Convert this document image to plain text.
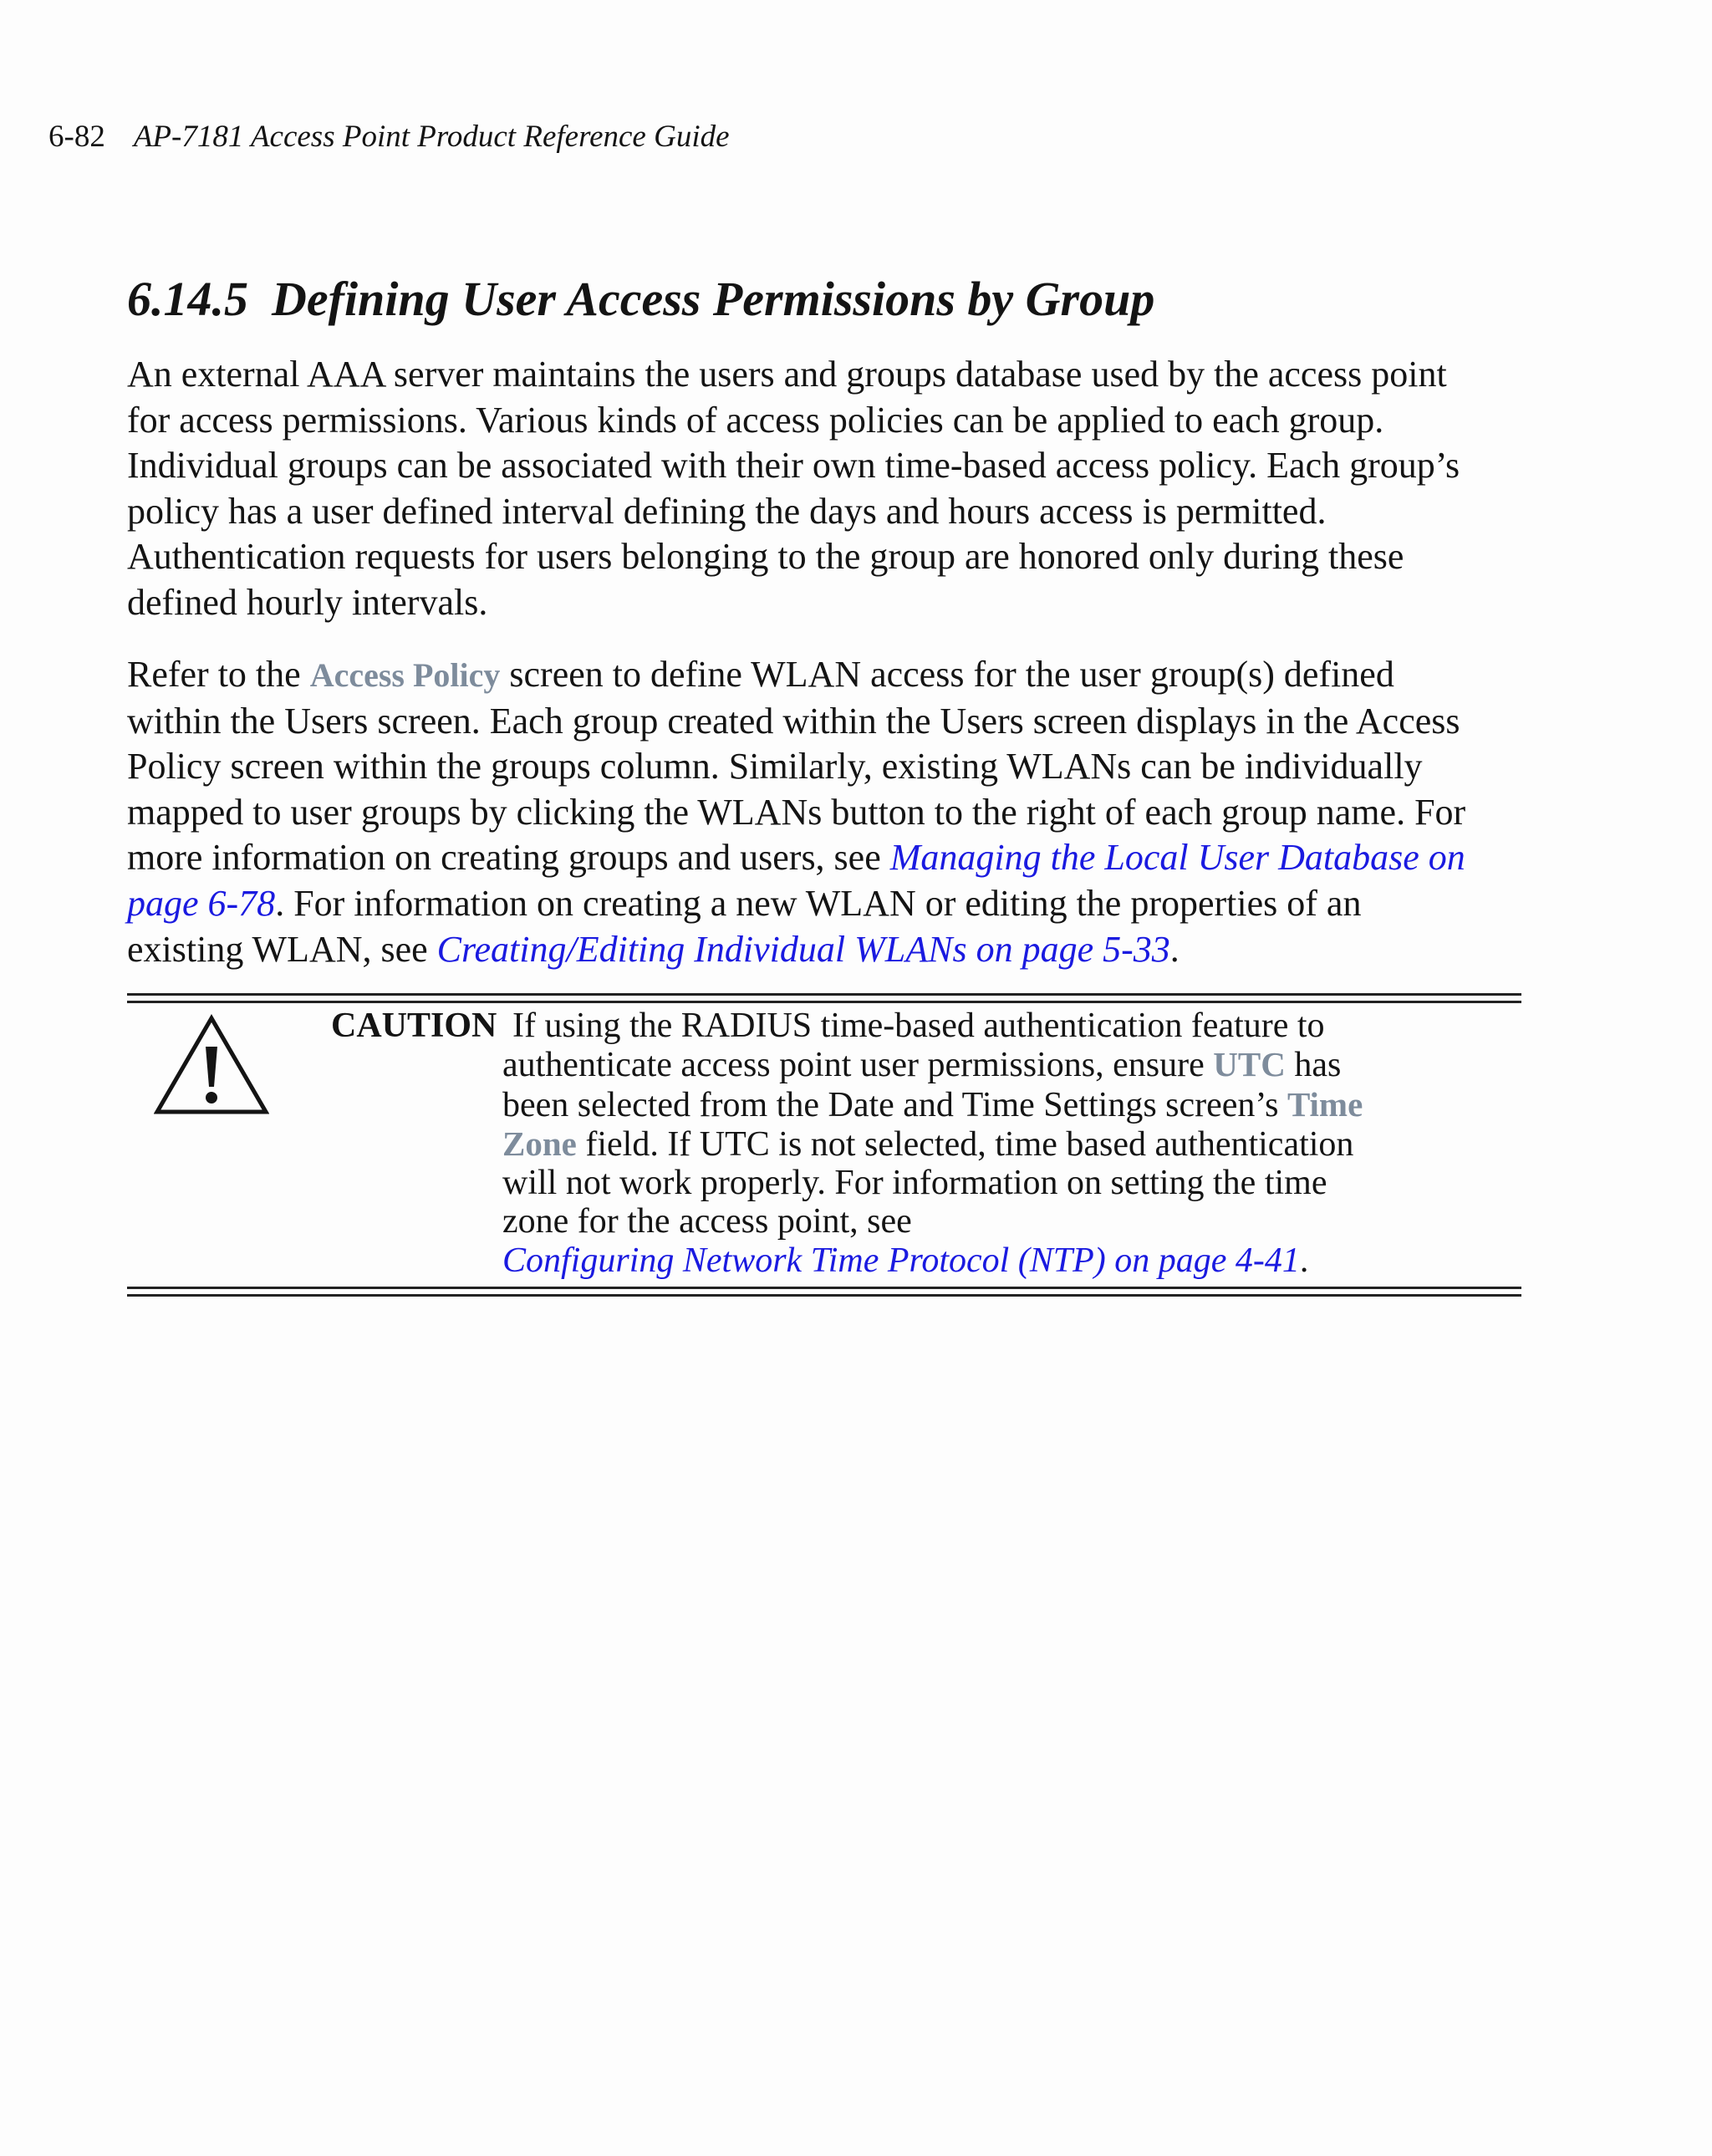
6-82 AP-7181 Access Point Product Reference Guide
6.14.5 Defining User Access Permissions by Group

An external AAA server maintains the users and groups database used by the access point
for access permissions. Various kinds of access policies can be applied to each group.
Individual groups can be associated with their own time-based access policy. Each group’s
policy has a user defined interval defining the days and hours access is permitted.
Authentication requests for users belonging to the group are honored only during these
defined hourly intervals.

Refer to the Access Policy screen to define WLAN access for the user group(s) defined
within the Users screen. Each group created within the Users screen displays in the Access
Policy screen within the groups column. Similarly, existing WLANs can be individually
mapped to user groups by clicking the WLANs button to the right of each group name. For
more information on creating groups and users, see Managing the Local User Database on
page 6-78. For information on creating a new WLAN or editing the properties of an
existing WLAN, see Creating/Editing Individual WLANs on page 5-33.

CAUTION If using the RADIUS time-based authentication feature to
authenticate access point user permissions, ensure UTC has
been selected from the Date and Time Settings screen’s Time
Zone field. If UTC is not selected, time based authentication
will not work properly. For information on setting the time
zone for the access point, see
Configuring Network Time Protocol (NTP) on page 4-41.
